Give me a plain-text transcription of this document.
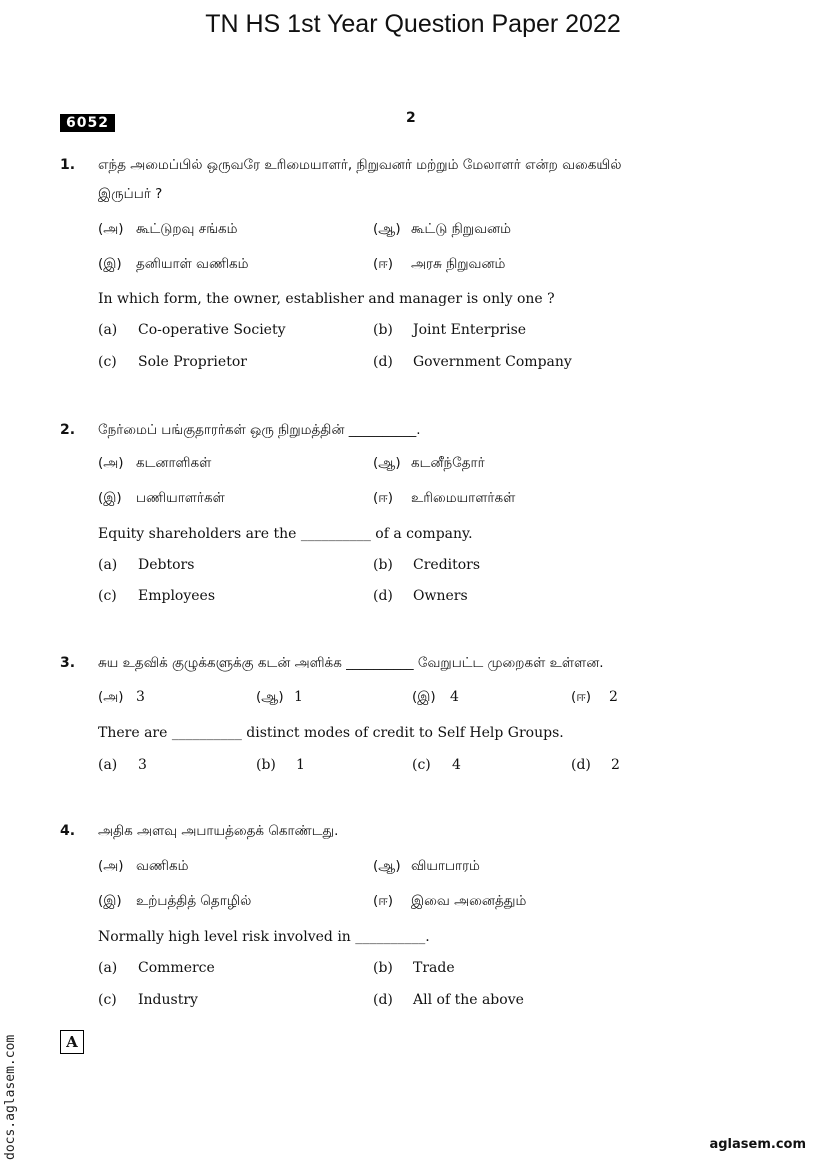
TN HS 1st Year Question Paper 2022
6052	2
1. எந்த அமைப்பில் ஒருவரே உரிமையாளர், நிறுவனர் மற்றும் மேலாளர் என்ற வகையில்
இருப்பர் ?
(அ) கூட்டுறவு சங்கம்	(ஆ) கூட்டு நிறுவனம்
(இ) தனியாள் வணிகம்	(ஈ) அரசு நிறுவனம்
In which form, the owner, establisher and manager is only one ?
(a) Co-operative Society	(b) Joint Enterprise
(c) Sole Proprietor	(d) Government Company
2. நேர்மைப் பங்குதாரர்கள் ஒரு நிறுமத்தின் __________.
(அ) கடனாளிகள்	(ஆ) கடனீந்தோர்
(இ) பணியாளர்கள்	(ஈ) உரிமையாளர்கள்
Equity shareholders are the __________ of a company.
(a) Debtors	(b) Creditors
(c) Employees	(d) Owners
3. சுய உதவிக் குழுக்களுக்கு கடன் அளிக்க __________ வேறுபட்ட முறைகள் உள்ளன.
(அ) 3	(ஆ) 1	(இ) 4	(ஈ) 2
There are __________ distinct modes of credit to Self Help Groups.
(a) 3	(b) 1	(c) 4	(d) 2
4. அதிக அளவு அபாயத்தைக் கொண்டது.
(அ) வணிகம்	(ஆ) வியாபாரம்
(இ) உற்பத்தித் தொழில்	(ஈ) இவை அனைத்தும்
Normally high level risk involved in __________.
(a) Commerce	(b) Trade
(c) Industry	(d) All of the above
A
docs.aglasem.com	aglasem.com
